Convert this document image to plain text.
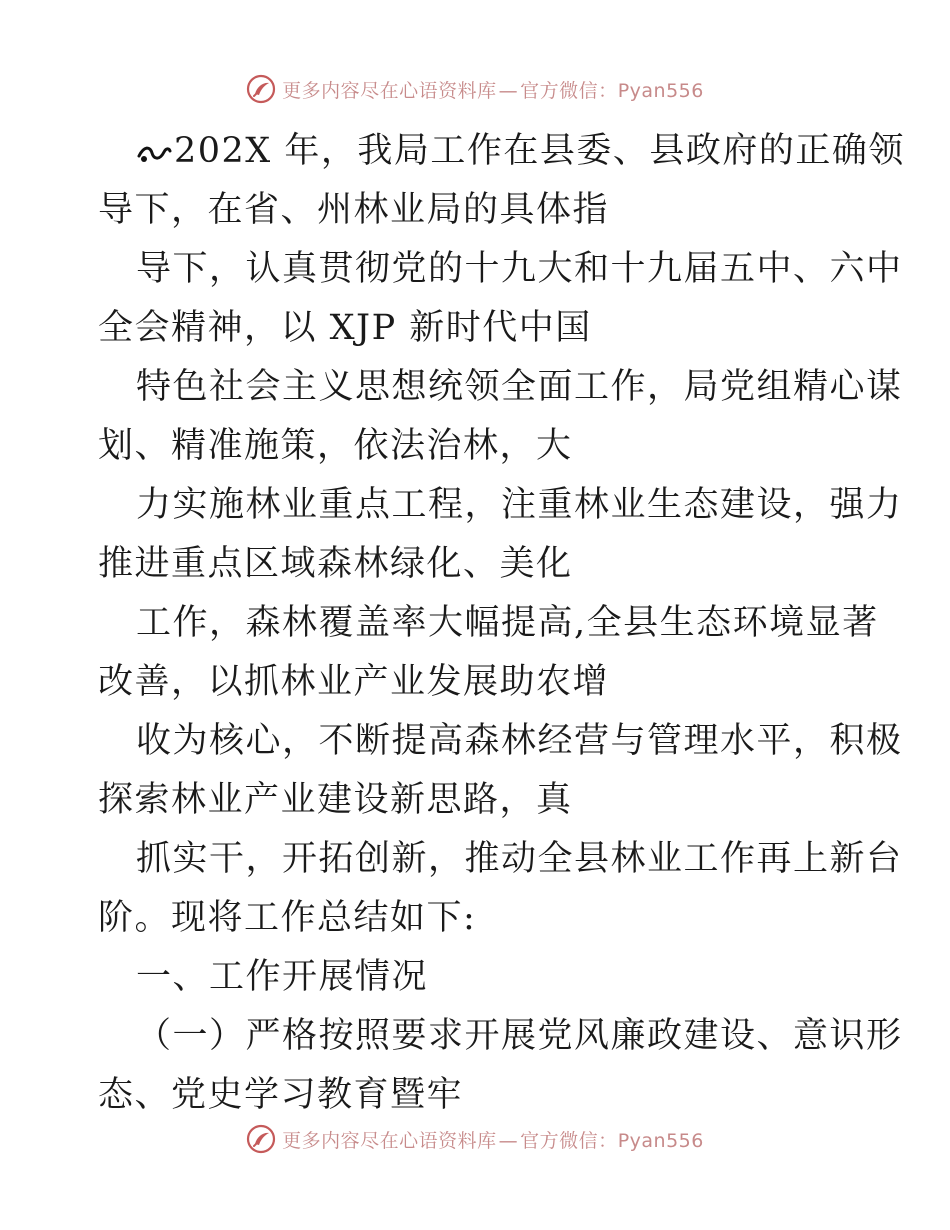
更多内容尽在心语资料库 — 官方微信：Pyan556
202X 年，我局工作在县委、县政府的正确领
导下，在省、州林业局的具体指
导下，认真贯彻党的十九大和十九届五中、六中
全会精神，以 XJP 新时代中国
特色社会主义思想统领全面工作，局党组精心谋
划、精准施策，依法治林，大
力实施林业重点工程，注重林业生态建设，强力
推进重点区域森林绿化、美化
工作，森林覆盖率大幅提高,全县生态环境显著
改善，以抓林业产业发展助农增
收为核心，不断提高森林经营与管理水平，积极
探索林业产业建设新思路，真
抓实干，开拓创新，推动全县林业工作再上新台
阶。现将工作总结如下:
一、工作开展情况
（一）严格按照要求开展党风廉政建设、意识形
态、党史学习教育暨牢
更多内容尽在心语资料库 — 官方微信：Pyan556
